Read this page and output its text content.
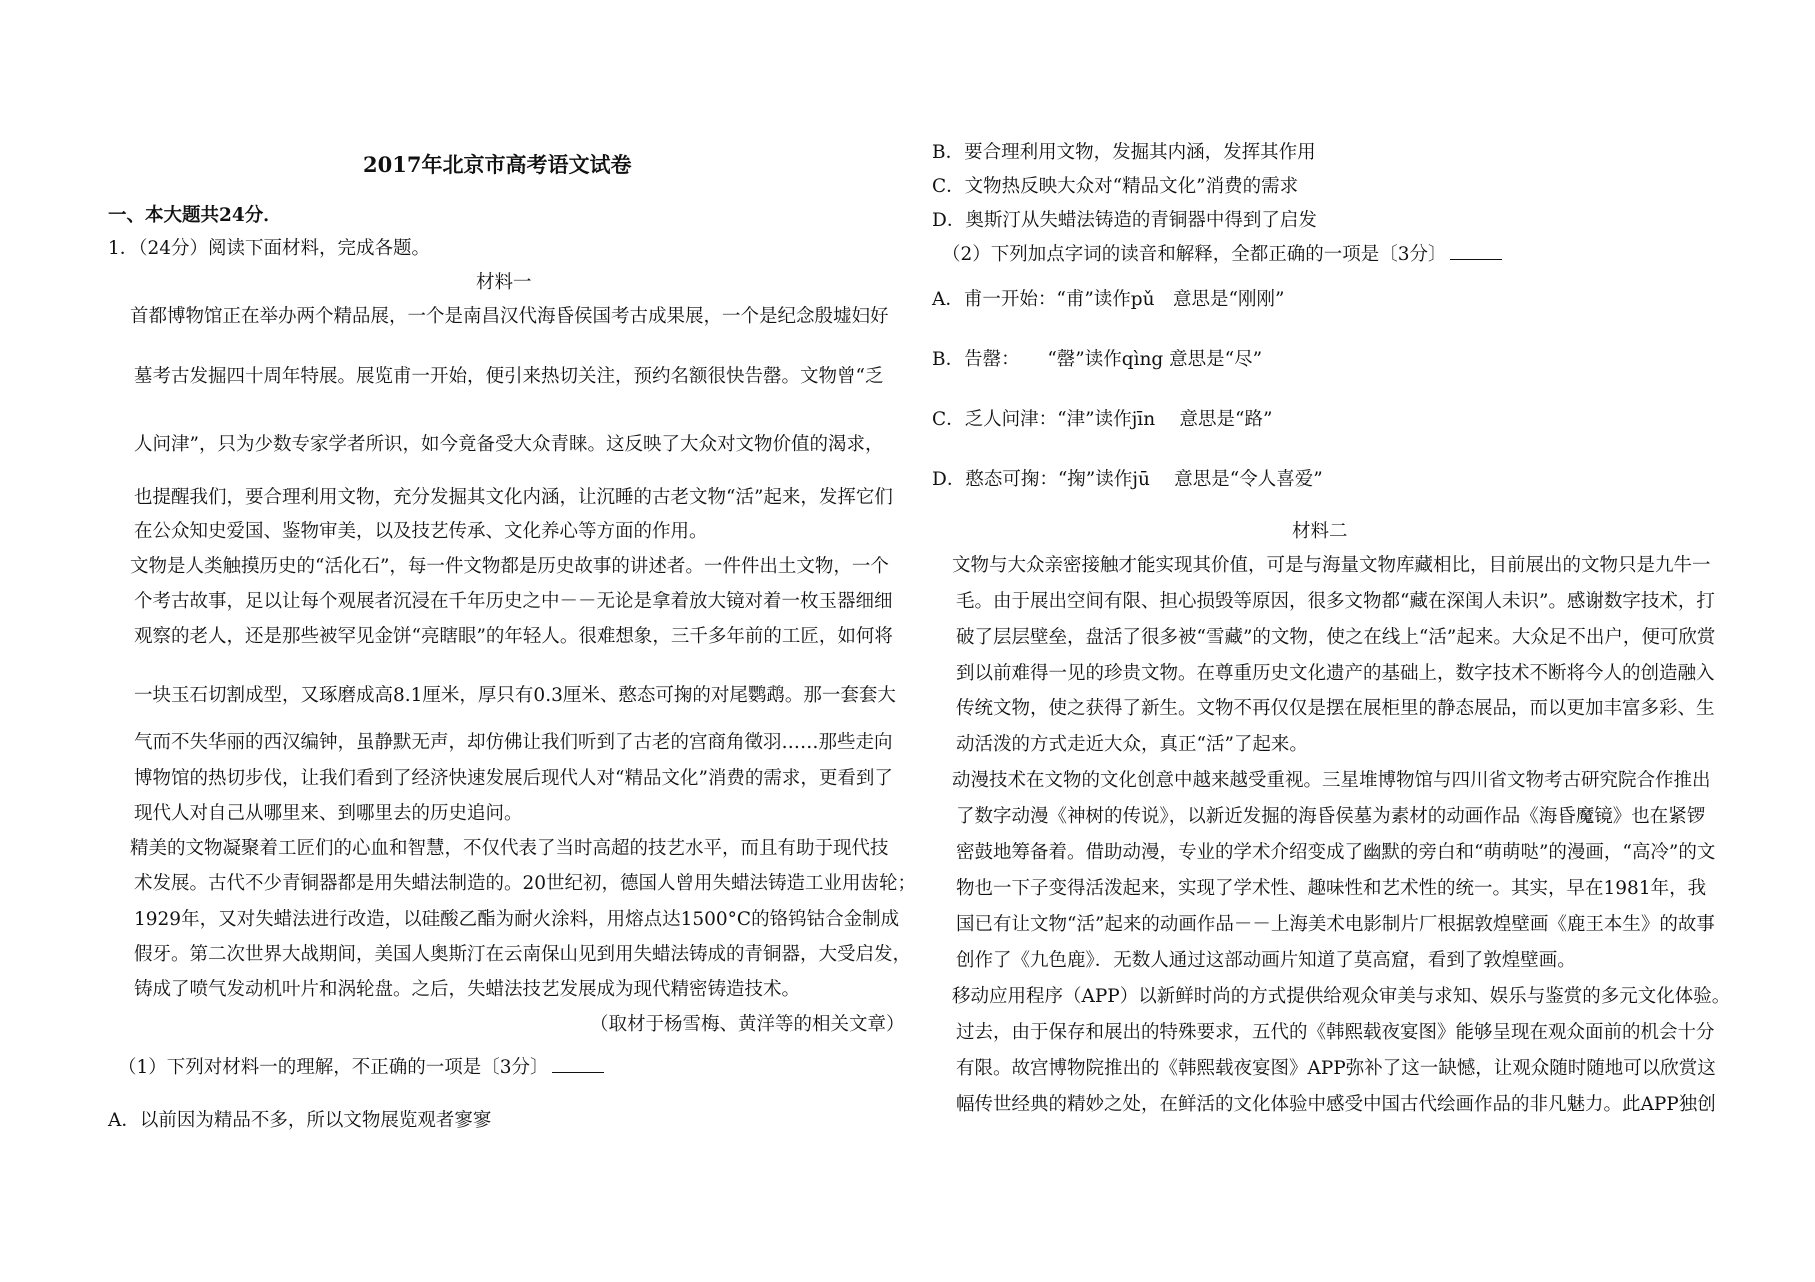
2017年北京市高考语文试卷
一、本大题共24分．
1．（24分）阅读下面材料，完成各题。
材料一
首都博物馆正在举办两个精品展，一个是南昌汉代海昏侯国考古成果展，一个是纪念殷墟妇好
墓考古发掘四十周年特展。展览甫一开始，便引来热切关注，预约名额很快告罄。文物曾“乏
人问津”，只为少数专家学者所识，如今竟备受大众青睐。这反映了大众对文物价值的渴求，
也提醒我们，要合理利用文物，充分发掘其文化内涵，让沉睡的古老文物“活”起来，发挥它们
在公众知史爱国、鉴物审美，以及技艺传承、文化养心等方面的作用。
文物是人类触摸历史的“活化石”，每一件文物都是历史故事的讲述者。一件件出土文物，一个
个考古故事，足以让每个观展者沉浸在千年历史之中－－无论是拿着放大镜对着一枚玉器细细
观察的老人，还是那些被罕见金饼“亮瞎眼”的年轻人。很难想象，三千多年前的工匠，如何将
一块玉石切割成型，又琢磨成高8.1厘米，厚只有0.3厘米、憨态可掬的对尾鹦鹉。那一套套大
气而不失华丽的西汉编钟，虽静默无声，却仿佛让我们听到了古老的宫商角徵羽……那些走向
博物馆的热切步伐，让我们看到了经济快速发展后现代人对“精品文化”消费的需求，更看到了
现代人对自己从哪里来、到哪里去的历史追问。
精美的文物凝聚着工匠们的心血和智慧，不仅代表了当时高超的技艺水平，而且有助于现代技
术发展。古代不少青铜器都是用失蜡法制造的。20世纪初，德国人曾用失蜡法铸造工业用齿轮；
1929年，又对失蜡法进行改造，以硅酸乙酯为耐火涂料，用熔点达1500°C的铬钨钴合金制成
假牙。第二次世界大战期间，美国人奥斯汀在云南保山见到用失蜡法铸成的青铜器，大受启发，
铸成了喷气发动机叶片和涡轮盘。之后，失蜡法技艺发展成为现代精密铸造技术。
（取材于杨雪梅、黄洋等的相关文章）
（1）下列对材料一的理解，不正确的一项是〔3分〕
A．以前因为精品不多，所以文物展览观者寥寥
B．要合理利用文物，发掘其内涵，发挥其作用
C．文物热反映大众对“精品文化”消费的需求
D．奥斯汀从失蜡法铸造的青铜器中得到了启发
（2）下列加点字词的读音和解释，全都正确的一项是〔3分〕
A．甫一开始：“甫”读作pǔ　意思是“刚刚”
B．告罄：　　“罄”读作qìng 意思是“尽”
C．乏人问津：“津”读作jīn　 意思是“路”
D．憨态可掬：“掬”读作jū　 意思是“令人喜爱”
材料二
文物与大众亲密接触才能实现其价值，可是与海量文物库藏相比，目前展出的文物只是九牛一
毛。由于展出空间有限、担心损毁等原因，很多文物都“藏在深闺人未识”。感谢数字技术，打
破了层层壁垒，盘活了很多被“雪藏”的文物，使之在线上“活”起来。大众足不出户，便可欣赏
到以前难得一见的珍贵文物。在尊重历史文化遗产的基础上，数字技术不断将今人的创造融入
传统文物，使之获得了新生。文物不再仅仅是摆在展柜里的静态展品，而以更加丰富多彩、生
动活泼的方式走近大众，真正“活”了起来。
动漫技术在文物的文化创意中越来越受重视。三星堆博物馆与四川省文物考古研究院合作推出
了数字动漫《神树的传说》，以新近发掘的海昏侯墓为素材的动画作品《海昏魔镜》也在紧锣
密鼓地筹备着。借助动漫，专业的学术介绍变成了幽默的旁白和“萌萌哒”的漫画，“高冷”的文
物也一下子变得活泼起来，实现了学术性、趣味性和艺术性的统一。其实，早在1981年，我
国已有让文物“活”起来的动画作品－－上海美术电影制片厂根据敦煌壁画《鹿王本生》的故事
创作了《九色鹿》．无数人通过这部动画片知道了莫高窟，看到了敦煌壁画。
移动应用程序（APP）以新鲜时尚的方式提供给观众审美与求知、娱乐与鉴赏的多元文化体验。
过去，由于保存和展出的特殊要求，五代的《韩熙载夜宴图》能够呈现在观众面前的机会十分
有限。故宫博物院推出的《韩熙载夜宴图》APP弥补了这一缺憾，让观众随时随地可以欣赏这
幅传世经典的精妙之处，在鲜活的文化体验中感受中国古代绘画作品的非凡魅力。此APP独创
